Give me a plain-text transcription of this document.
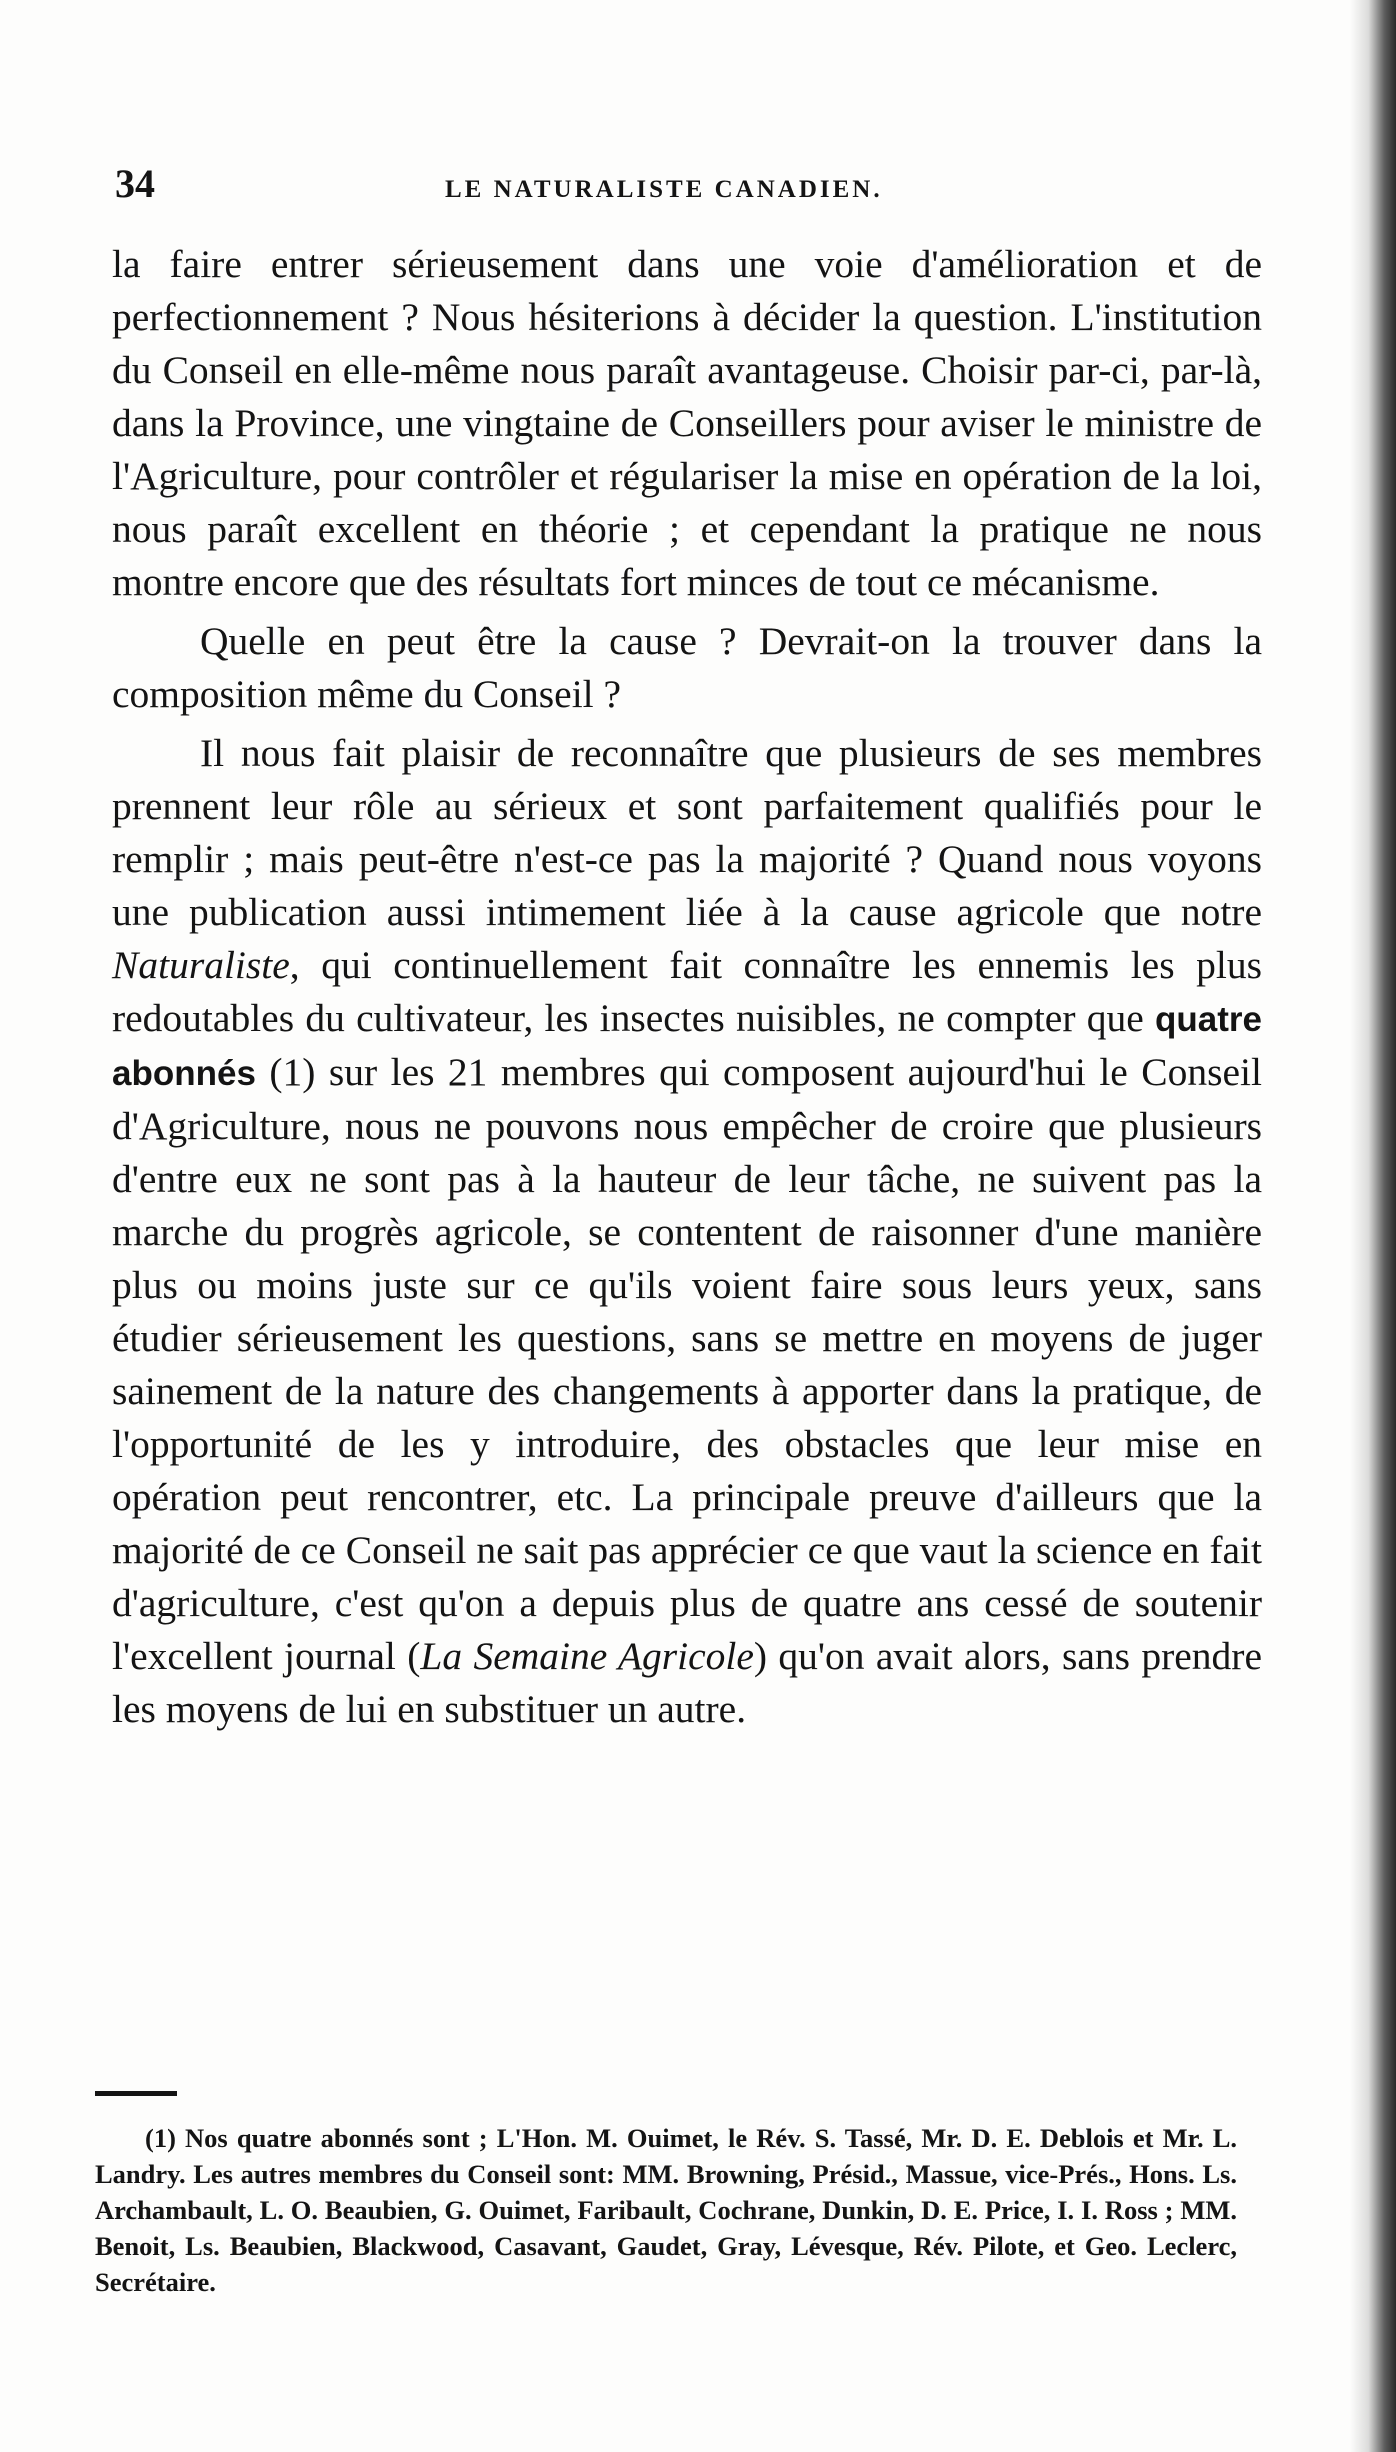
34	LE NATURALISTE CANADIEN.

la faire entrer sérieusement dans une voie d'amélioration et de perfectionnement ? Nous hésiterions à décider la question. L'institution du Conseil en elle-même nous paraît avantageuse. Choisir par-ci, par-là, dans la Province, une vingtaine de Conseillers pour aviser le ministre de l'Agriculture, pour contrôler et régulariser la mise en opération de la loi, nous paraît excellent en théorie ; et cependant la pratique ne nous montre encore que des résultats fort minces de tout ce mécanisme.

Quelle en peut être la cause ? Devrait-on la trouver dans la composition même du Conseil ?

Il nous fait plaisir de reconnaître que plusieurs de ses membres prennent leur rôle au sérieux et sont parfaitement qualifiés pour le remplir ; mais peut-être n'est-ce pas la majorité ? Quand nous voyons une publication aussi intimement liée à la cause agricole que notre Naturaliste, qui continuellement fait connaître les ennemis les plus redoutables du cultivateur, les insectes nuisibles, ne compter que quatre abonnés (1) sur les 21 membres qui composent aujourd'hui le Conseil d'Agriculture, nous ne pouvons nous empêcher de croire que plusieurs d'entre eux ne sont pas à la hauteur de leur tâche, ne suivent pas la marche du progrès agricole, se contentent de raisonner d'une manière plus ou moins juste sur ce qu'ils voient faire sous leurs yeux, sans étudier sérieusement les questions, sans se mettre en moyens de juger sainement de la nature des changements à apporter dans la pratique, de l'opportunité de les y introduire, des obstacles que leur mise en opération peut rencontrer, etc. La principale preuve d'ailleurs que la majorité de ce Conseil ne sait pas apprécier ce que vaut la science en fait d'agriculture, c'est qu'on a depuis plus de quatre ans cessé de soutenir l'excellent journal (La Semaine Agricole) qu'on avait alors, sans prendre les moyens de lui en substituer un autre.

(1) Nos quatre abonnés sont ; L'Hon. M. Ouimet, le Rév. S. Tassé, Mr. D. E. Deblois et Mr. L. Landry. Les autres membres du Conseil sont: MM. Browning, Présid., Massue, vice-Prés., Hons. Ls. Archambault, L. O. Beaubien, G. Ouimet, Faribault, Cochrane, Dunkin, D. E. Price, I. I. Ross ; MM. Benoit, Ls. Beaubien, Blackwood, Casavant, Gaudet, Gray, Lévesque, Rév. Pilote, et Geo. Leclerc, Secrétaire.
